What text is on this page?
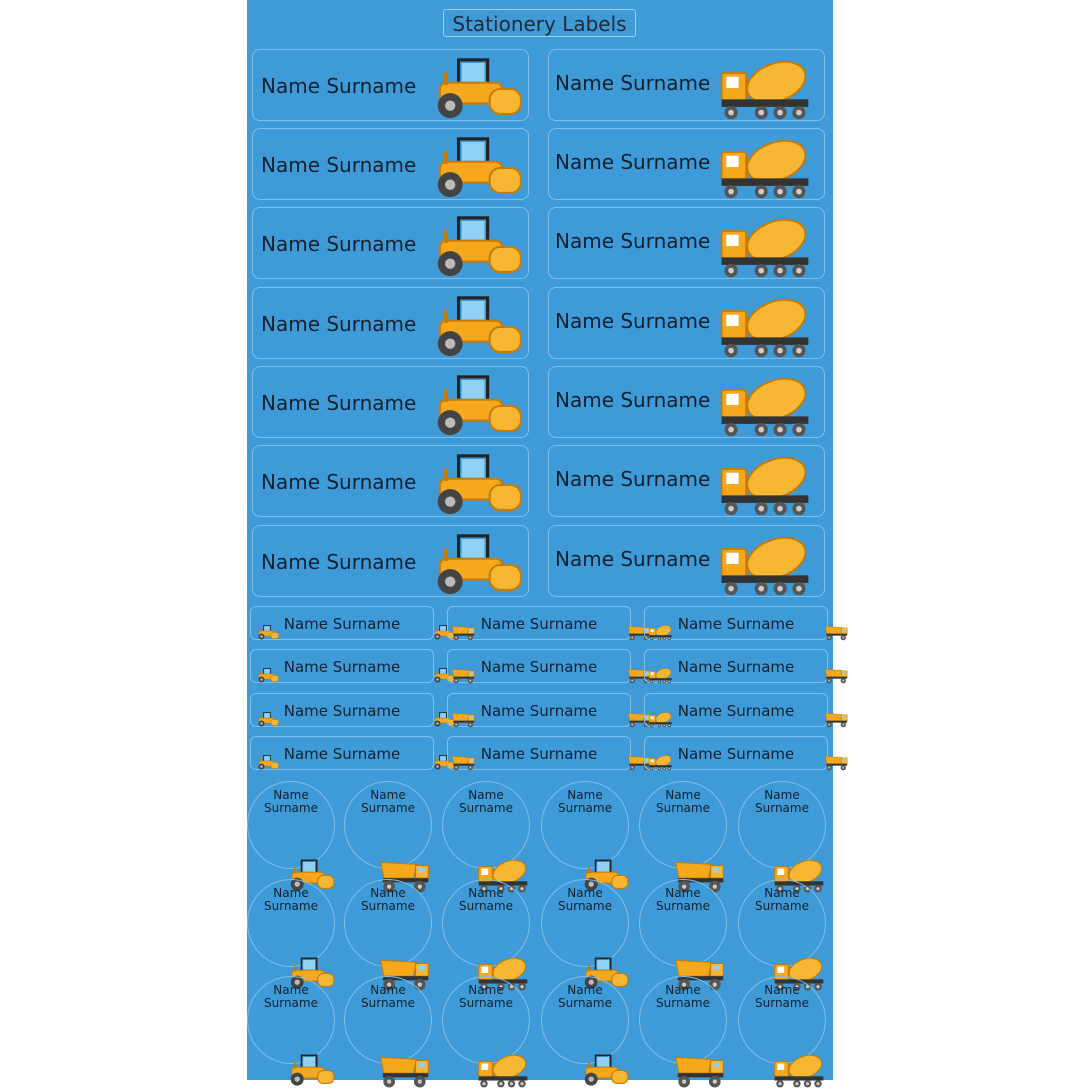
Stationery Labels
Name Surname	Name Surname
Name Surname	Name Surname
Name Surname	Name Surname
Name Surname	Name Surname
Name Surname	Name Surname
Name Surname	Name Surname
Name Surname	Name Surname
Name Surname	Name Surname	Name Surname
Name Surname	Name Surname	Name Surname
Name Surname	Name Surname	Name Surname
Name Surname	Name Surname	Name Surname
Name
Surname
Name
Surname
Name
Surname
Name
Surname
Name
Surname
Name
Surname
Name
Surname
Name
Surname
Name
Surname
Name
Surname
Name
Surname
Name
Surname
Name
Surname
Name
Surname
Name
Surname
Name
Surname
Name
Surname
Name
Surname
